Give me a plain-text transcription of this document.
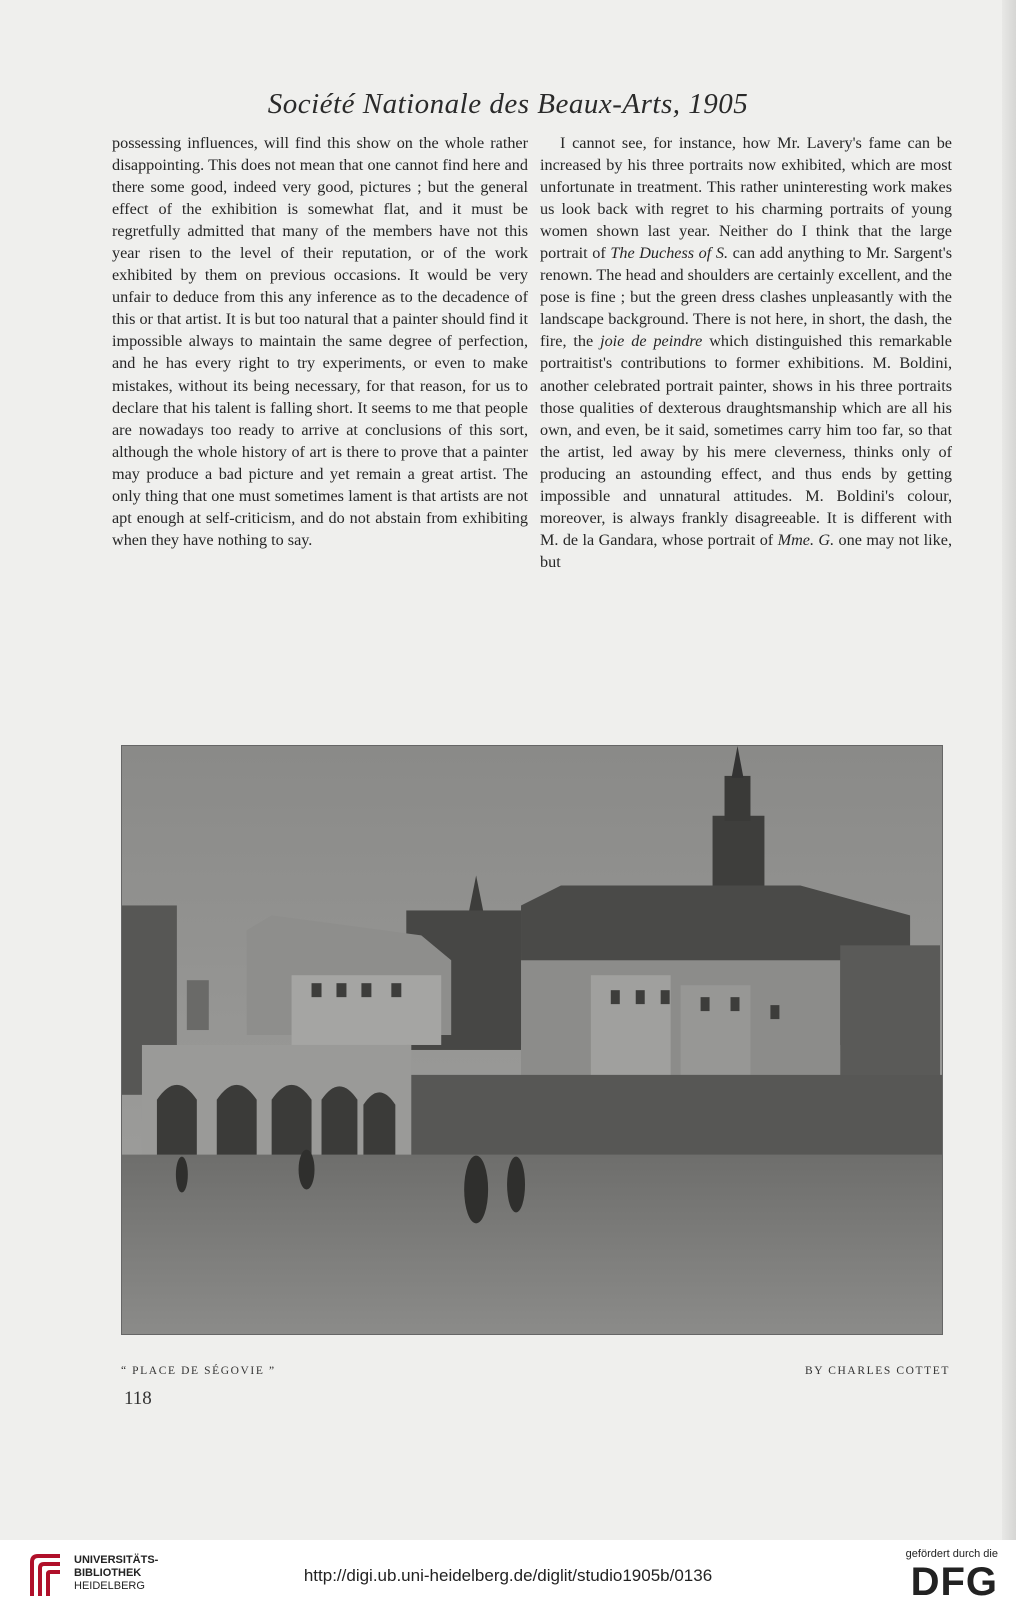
Société Nationale des Beaux-Arts, 1905

possessing influences, will find this show on the whole rather disappointing. This does not mean that one cannot find here and there some good, indeed very good, pictures ; but the general effect of the exhibition is somewhat flat, and it must be regretfully admitted that many of the members have not this year risen to the level of their reputation, or of the work exhibited by them on previous occasions. It would be very unfair to deduce from this any inference as to the decadence of this or that artist. It is but too natural that a painter should find it impossible always to maintain the same degree of perfection, and he has every right to try experiments, or even to make mistakes, without its being necessary, for that reason, for us to declare that his talent is falling short. It seems to me that people are nowadays too ready to arrive at conclusions of this sort, although the whole history of art is there to prove that a painter may produce a bad picture and yet remain a great artist. The only thing that one must sometimes lament is that artists are not apt enough at self-criticism, and do not abstain from exhibiting when they have nothing to say.

I cannot see, for instance, how Mr. Lavery's fame can be increased by his three portraits now exhibited, which are most unfortunate in treatment. This rather uninteresting work makes us look back with regret to his charming portraits of young women shown last year. Neither do I think that the large portrait of The Duchess of S. can add anything to Mr. Sargent's renown. The head and shoulders are certainly excellent, and the pose is fine ; but the green dress clashes unpleasantly with the landscape background. There is not here, in short, the dash, the fire, the joie de peindre which distinguished this remarkable portraitist's contributions to former exhibitions. M. Boldini, another celebrated portrait painter, shows in his three portraits those qualities of dexterous draughtsmanship which are all his own, and even, be it said, sometimes carry him too far, so that the artist, led away by his mere cleverness, thinks only of producing an astounding effect, and thus ends by getting impossible and unnatural attitudes. M. Boldini's colour, moreover, is always frankly disagreeable. It is different with M. de la Gandara, whose portrait of Mme. G. one may not like, but

“ PLACE DE SÉGOVIE ”	BY CHARLES COTTET
118
UNIVERSITÄTS-
BIBLIOTHEK
HEIDELBERG
http://digi.ub.uni-heidelberg.de/diglit/studio1905b/0136
gefördert durch die
DFG
